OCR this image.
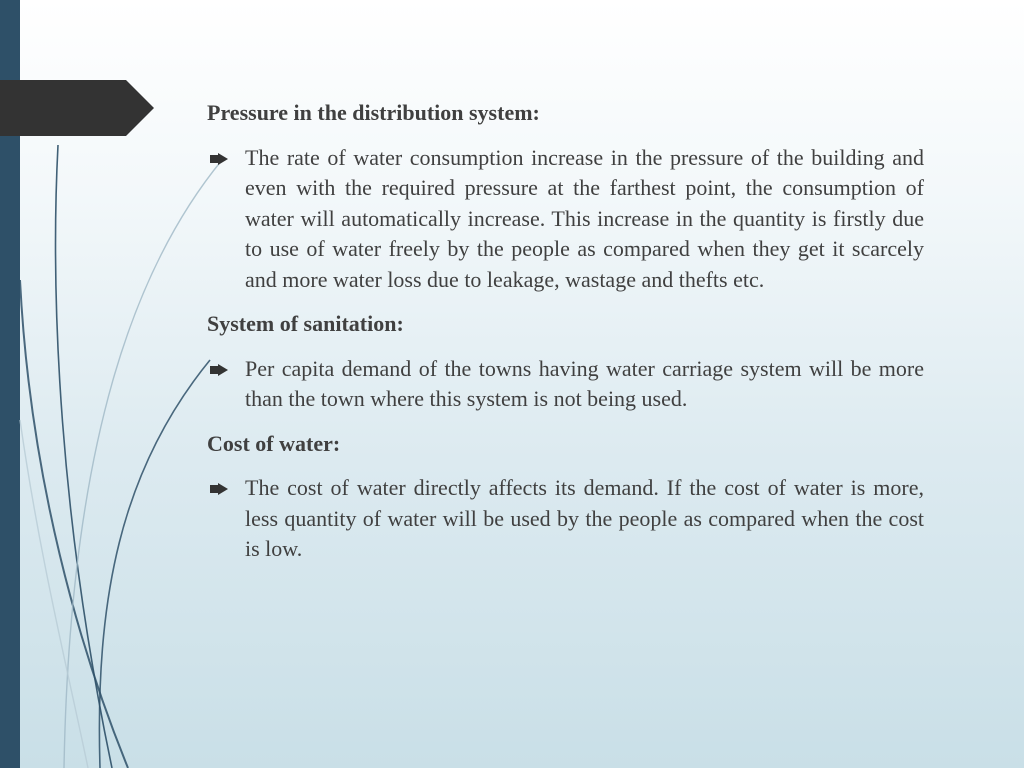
Pressure in the distribution system:
The rate of water consumption increase in the pressure of the building and even with the required pressure at the farthest point, the consumption of water will automatically increase. This increase in the quantity is firstly due to use of water freely by the people as compared when they get it scarcely and more water loss due to leakage, wastage and thefts etc.
System of sanitation:
Per capita demand of the towns having water carriage system will be more than the town where this system is not being used.
Cost of water:
The cost of water directly affects its demand. If the cost of water is more, less quantity of water will be used by the people as compared when the cost is low.
